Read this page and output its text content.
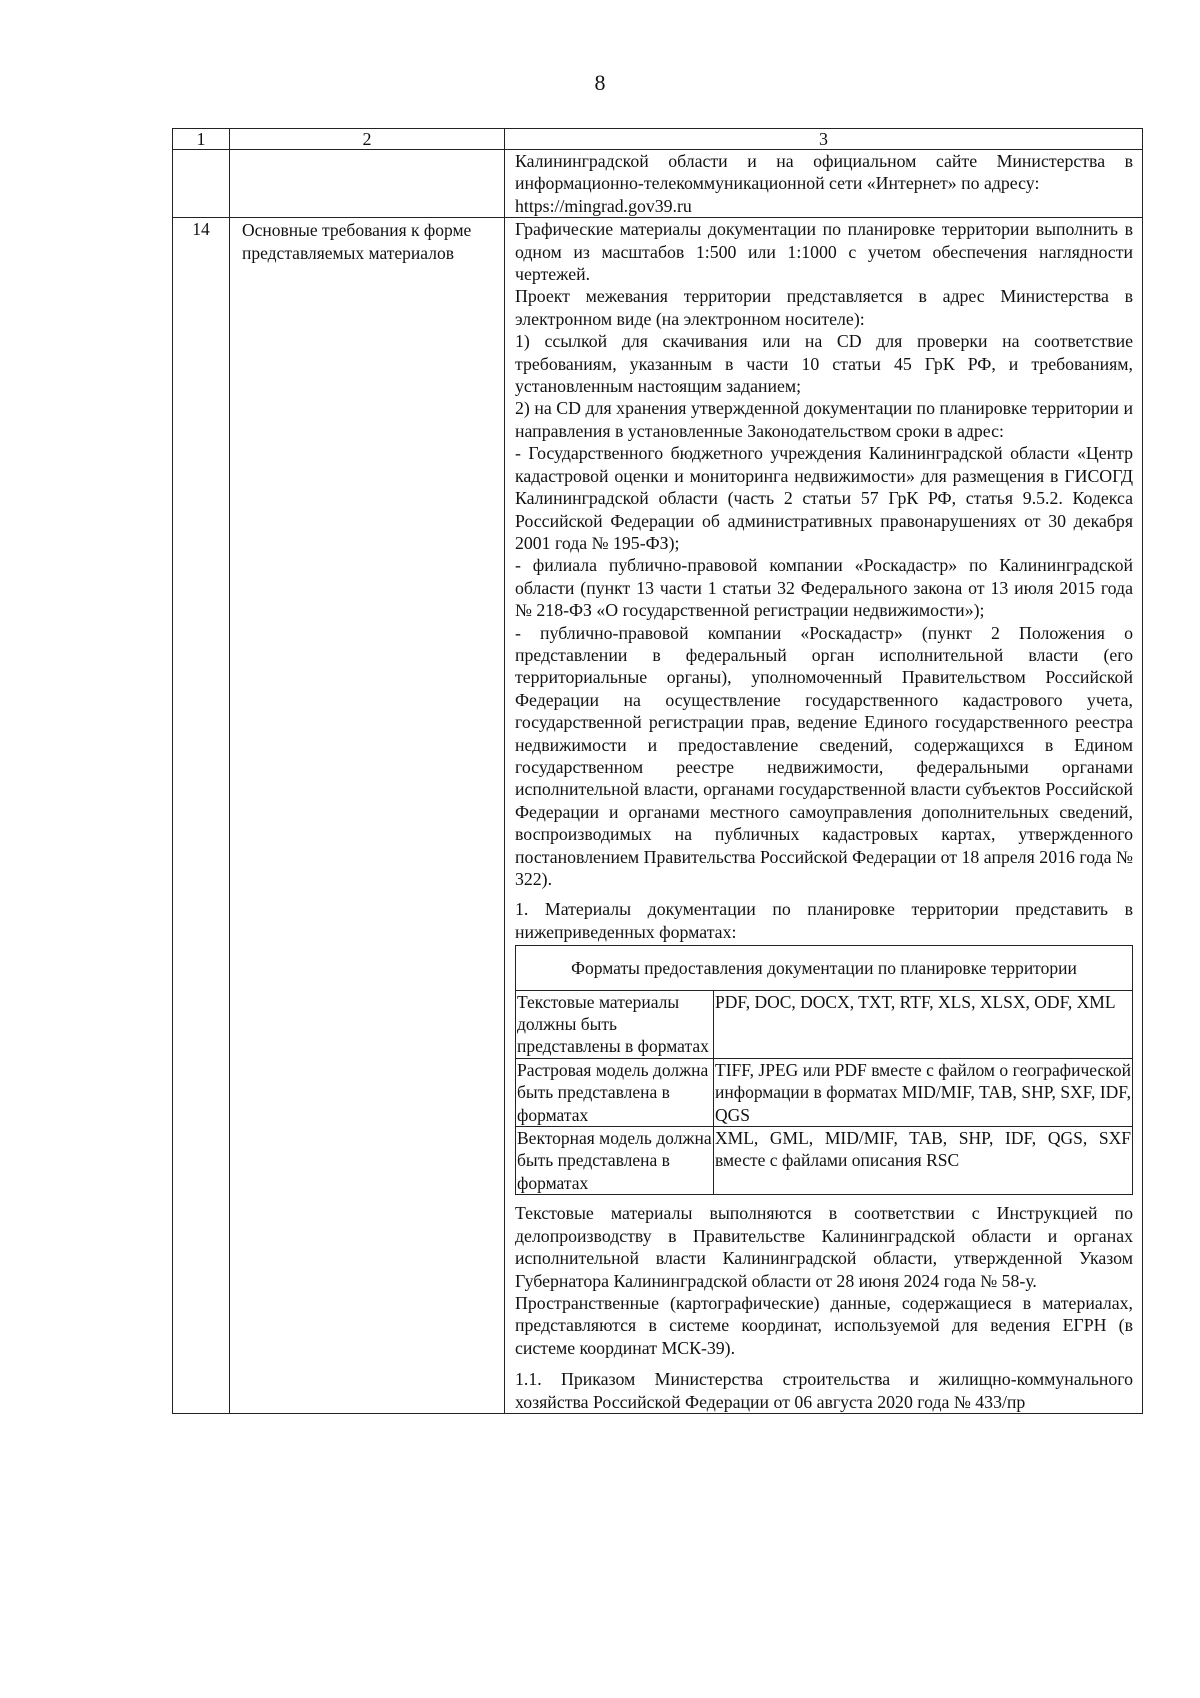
8
1	2	3

Калининградской области и на официальном сайте Министерства в информационно-телекоммуникационной сети «Интернет» по адресу:

https://mingrad.gov39.ru

14	Основные требования к форме представляемых материалов	

Графические материалы документации по планировке территории выполнить в одном из масштабов 1:500 или 1:1000 с учетом обеспечения наглядности чертежей.

Проект межевания территории представляется в адрес Министерства в электронном виде (на электронном носителе):

1) ссылкой для скачивания или на CD для проверки на соответствие требованиям, указанным в части 10 статьи 45 ГрК РФ, и требованиям, установленным настоящим заданием;

2) на CD для хранения утвержденной документации по планировке территории и направления в установленные Законодательством сроки в адрес:

- Государственного бюджетного учреждения Калининградской области «Центр кадастровой оценки и мониторинга недвижимости» для размещения в ГИСОГД Калининградской области (часть 2 статьи 57 ГрК РФ, статья 9.5.2. Кодекса Российской Федерации об административных правонарушениях от 30 декабря 2001 года № 195-ФЗ);

- филиала публично-правовой компании «Роскадастр» по Калининградской области (пункт 13 части 1 статьи 32 Федерального закона от 13 июля 2015 года № 218-ФЗ «О государственной регистрации недвижимости»);

- публично-правовой компании «Роскадастр» (пункт 2 Положения о представлении в федеральный орган исполнительной власти (его территориальные органы), уполномоченный Правительством Российской Федерации на осуществление государственного кадастрового учета, государственной регистрации прав, ведение Единого государственного реестра недвижимости и предоставление сведений, содержащихся в Едином государственном реестре недвижимости, федеральными органами исполнительной власти, органами государственной власти субъектов Российской Федерации и органами местного самоуправления дополнительных сведений, воспроизводимых на публичных кадастровых картах, утвержденного постановлением Правительства Российской Федерации от 18 апреля 2016 года № 322).

1. Материалы документации по планировке территории представить в нижеприведенных форматах:

Форматы предоставления документации по планировке территории
Текстовые материалы должны быть представлены в форматах	PDF, DOC, DOCX, TXT, RTF, XLS, XLSX, ODF, XML
Растровая модель должна быть представлена в форматах	TIFF, JPEG или PDF вместе с файлом о географической информации в форматах MID/MIF, TAB, SHP, SXF, IDF, QGS
Векторная модель должна быть представлена в форматах	XML, GML, MID/MIF, TAB, SHP, IDF, QGS, SXF вместе с файлами описания RSC

Текстовые материалы выполняются в соответствии с Инструкцией по делопроизводству в Правительстве Калининградской области и органах исполнительной власти Калининградской области, утвержденной Указом Губернатора Калининградской области от 28 июня 2024 года № 58-у.

Пространственные (картографические) данные, содержащиеся в материалах, представляются в системе координат, используемой для ведения ЕГРН (в системе координат МСК-39).

1.1. Приказом Министерства строительства и жилищно-коммунального хозяйства Российской Федерации от 06 августа 2020 года № 433/пр
